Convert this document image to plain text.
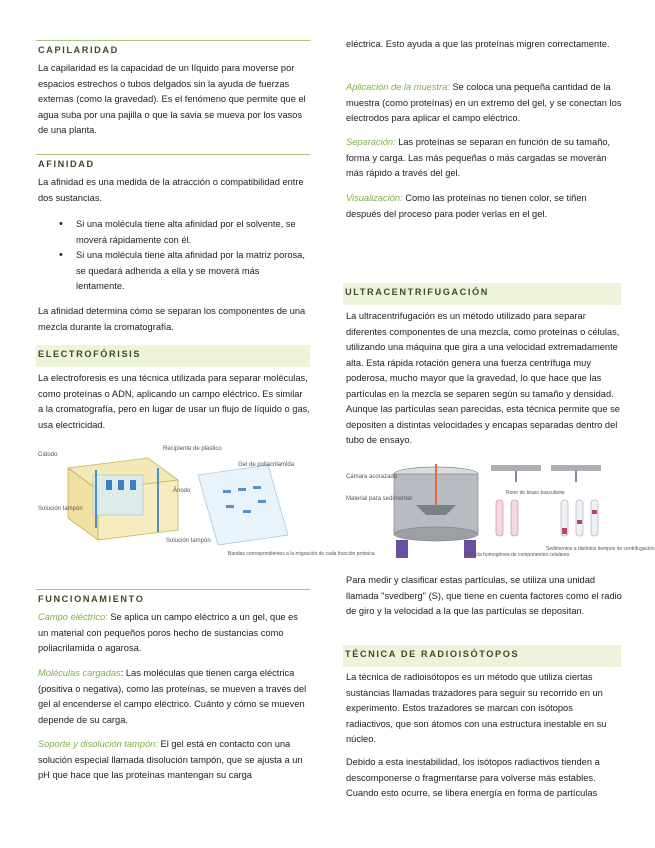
CAPILARIDAD
La capilaridad es la capacidad de un líquido para moverse por espacios estrechos o tubos delgados sin la ayuda de fuerzas externas (como la gravedad). Es el fenómeno que permite que el agua suba por una pajilla o que la savia se mueva por los vasos de una planta.
AFINIDAD
La afinidad es una medida de la atracción o compatibilidad entre dos sustancias.
• Si una molécula tiene alta afinidad por el solvente, se moverá rápidamente con él.
• Si una molécula tiene alta afinidad por la matriz porosa, se quedará adherida a ella y se moverá más lentamente.
La afinidad determina cómo se separan los componentes de una mezcla durante la cromatografía.
ELECTROFÓRISIS
La electroforesis es una técnica utilizada para separar moléculas, como proteínas o ADN, aplicando un campo eléctrico. Es similar a la cromatografía, pero en lugar de usar un flujo de líquido o gas, usa electricidad.
Cátodo
Recipiente de plástico
Gel de poliacrilamida
Ánodo
Solución tampón
Solución tampón
Bandas correspondientes a la migración de cada fracción proteica
FUNCIONAMIENTO
Campo eléctrico: Se aplica un campo eléctrico a un gel, que es un material con pequeños poros hecho de sustancias como poliacrilamida o agarosa.
Moléculas cargadas: Las moléculas que tienen carga eléctrica (positiva o negativa), como las proteínas, se mueven a través del gel al encenderse el campo eléctrico. Cuánto y cómo se mueven depende de su carga.
Soporte y disolución tampón: El gel está en contacto con una solución especial llamada disolución tampón, que se ajusta a un pH que hace que las proteínas mantengan su carga
eléctrica. Esto ayuda a que las proteínas migren correctamente.
Aplicación de la muestra: Se coloca una pequeña cantidad de la muestra (como proteínas) en un extremo del gel, y se conectan los electrodos para aplicar el campo eléctrico.
Separación: Las proteínas se separan en función de su tamaño, forma y carga. Las más pequeñas o más cargadas se moverán más rápido a través del gel.
Visualización: Como las proteínas no tienen color, se tiñen después del proceso para poder verlas en el gel.
ULTRACENTRIFUGACIÓN
La ultracentrifugación es un método utilizado para separar diferentes componentes de una mezcla, como proteínas o células, utilizando una máquina que gira a una velocidad extremadamente alta. Esta rápida rotación genera una fuerza centrífuga muy poderosa, mucho mayor que la gravedad, lo que hace que las partículas en la mezcla se separen según su tamaño y densidad. Aunque las partículas sean parecidas, esta técnica permite que se depositen a distintas velocidades y encapas separadas dentro del tubo de ensayo.
Cámara acorazada
Material para sedimentar
Rotor de brazo basculante
Mezcla homogénea de componentes celulares
Sedimentos a distintos tiempos de centrifugación
Para medir y clasificar estas partículas, se utiliza una unidad llamada "svedberg" (S), que tiene en cuenta factores como el radio de giro y la velocidad a la que las partículas se depositan.
TÉCNICA DE RADIOISÓTOPOS
La técnica de radioisótopos es un método que utiliza ciertas sustancias llamadas trazadores para seguir su recorrido en un experimento. Estos trazadores se marcan con isótopos radiactivos, que son átomos con una estructura inestable en su núcleo.
Debido a esta inestabilidad, los isótopos radiactivos tienden a descomponerse o fragmentarse para volverse más estables. Cuando esto ocurre, se libera energía en forma de partículas
